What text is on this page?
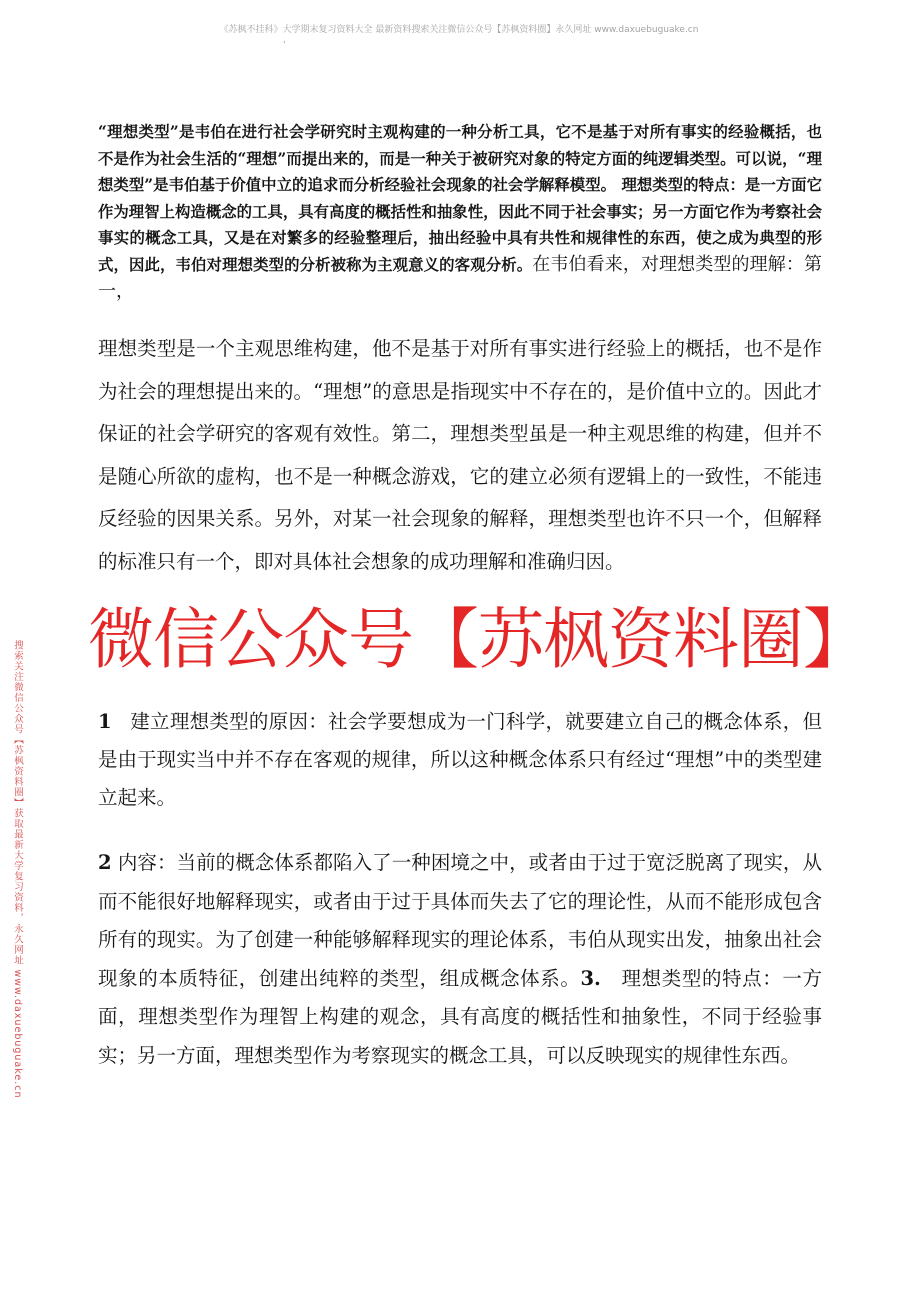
《苏枫不挂科》大学期末复习资料大全 最新资料搜索关注微信公众号【苏枫资料圈】永久网址 www.daxuebuguake.cn
，

“理想类型”是韦伯在进行社会学研究时主观构建的一种分析工具，它不是基于对所有事实的经验概括，也不是作为社会生活的“理想”而提出来的，而是一种关于被研究对象的特定方面的纯逻辑类型。可以说，“理想类型”是韦伯基于价值中立的追求而分析经验社会现象的社会学解释模型。 理想类型的特点：是一方面它作为理智上构造概念的工具，具有高度的概括性和抽象性，因此不同于社会事实；另一方面它作为考察社会事实的概念工具，又是在对繁多的经验整理后，抽出经验中具有共性和规律性的东西，使之成为典型的形式，因此，韦伯对理想类型的分析被称为主观意义的客观分析。在韦伯看来，对理想类型的理解：第一，

理想类型是一个主观思维构建，他不是基于对所有事实进行经验上的概括，也不是作为社会的理想提出来的。“理想”的意思是指现实中不存在的，是价值中立的。因此才保证的社会学研究的客观有效性。第二，理想类型虽是一种主观思维的构建，但并不是随心所欲的虚构，也不是一种概念游戏，它的建立必须有逻辑上的一致性，不能违反经验的因果关系。另外，对某一社会现象的解释，理想类型也许不只一个，但解释的标准只有一个，即对具体社会想象的成功理解和准确归因。

1 建立理想类型的原因：社会学要想成为一门科学，就要建立自己的概念体系，但是由于现实当中并不存在客观的规律，所以这种概念体系只有经过“理想”中的类型建立起来。

2 内容：当前的概念体系都陷入了一种困境之中，或者由于过于宽泛脱离了现实，从而不能很好地解释现实，或者由于过于具体而失去了它的理论性，从而不能形成包含所有的现实。为了创建一种能够解释现实的理论体系，韦伯从现实出发，抽象出社会现象的本质特征，创建出纯粹的类型，组成概念体系。3.　理想类型的特点：一方面，理想类型作为理智上构建的观念，具有高度的概括性和抽象性，不同于经验事实；另一方面，理想类型作为考察现实的概念工具，可以反映现实的规律性东西。

微信公众号【苏枫资料圈】
搜索关注微信公众号【苏枫资料圈】获取最新大学复习资料，永久网址 www.daxuebuguake.cn
